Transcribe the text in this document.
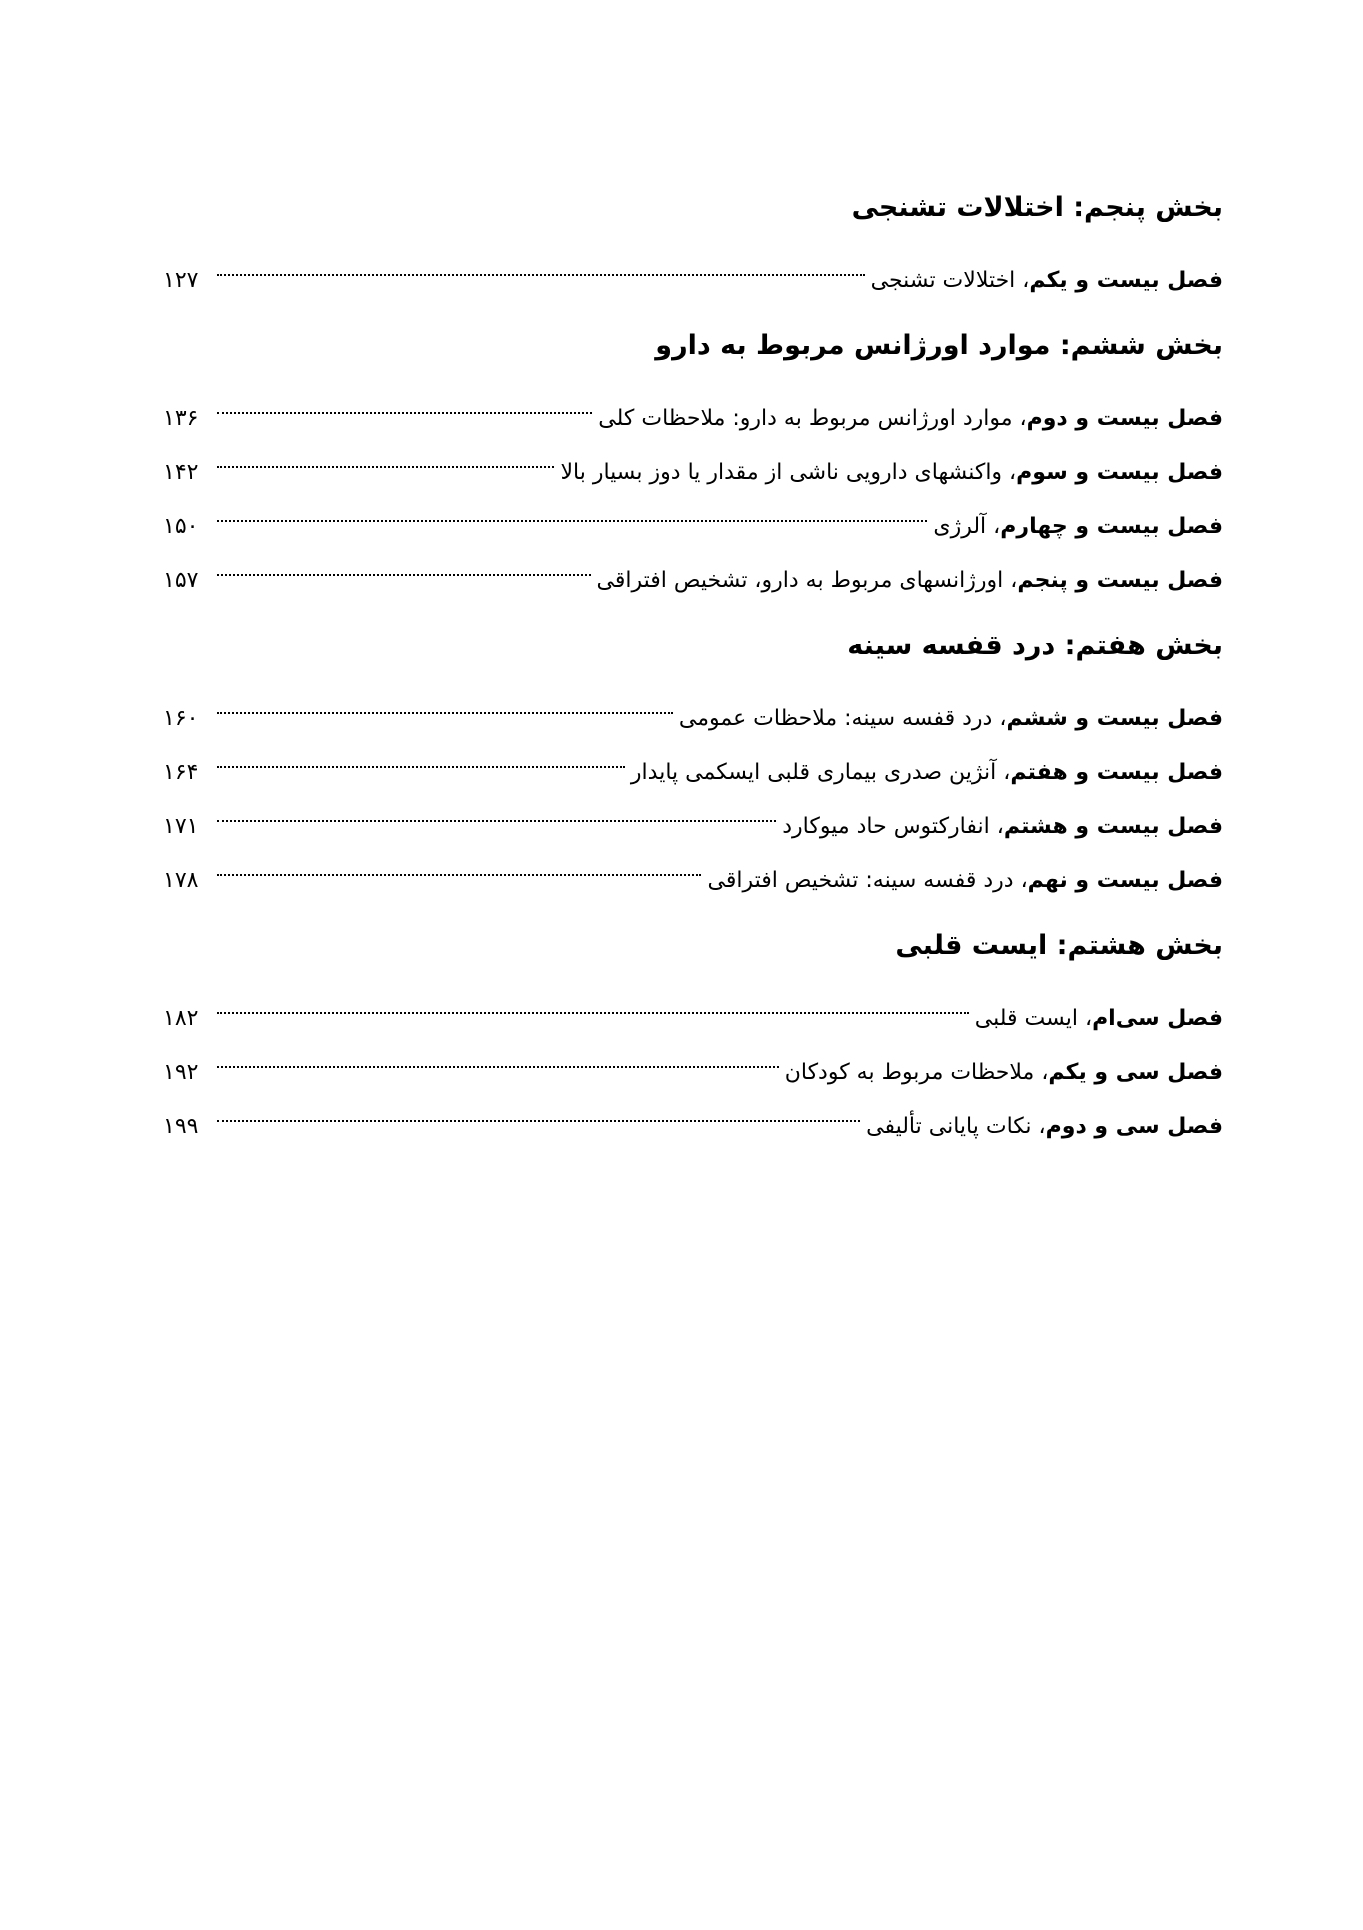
بخش پنجم: اختلالات تشنجی
فصل بیست و یکم، اختلالات تشنجی
۱۲۷
بخش ششم: موارد اورژانس مربوط به دارو
فصل بیست و دوم، موارد اورژانس مربوط به دارو: ملاحظات کلی
۱۳۶
فصل بیست و سوم، واکنشهای دارویی ناشی از مقدار یا دوز بسیار بالا
۱۴۲
فصل بیست و چهارم، آلرژی
۱۵۰
فصل بیست و پنجم، اورژانسهای مربوط به دارو، تشخیص افتراقی
۱۵۷
بخش هفتم: درد قفسه سینه
فصل بیست و ششم، درد قفسه سینه: ملاحظات عمومی
۱۶۰
فصل بیست و هفتم، آنژین صدری بیماری قلبی ایسکمی پایدار
۱۶۴
فصل بیست و هشتم، انفارکتوس حاد میوکارد
۱۷۱
فصل بیست و نهم، درد قفسه سینه: تشخیص افتراقی
۱۷۸
بخش هشتم: ایست قلبی
فصل سی‌ام، ایست قلبی
۱۸۲
فصل سی و یکم، ملاحظات مربوط به کودکان
۱۹۲
فصل سی و دوم، نکات پایانی تألیفی
۱۹۹
